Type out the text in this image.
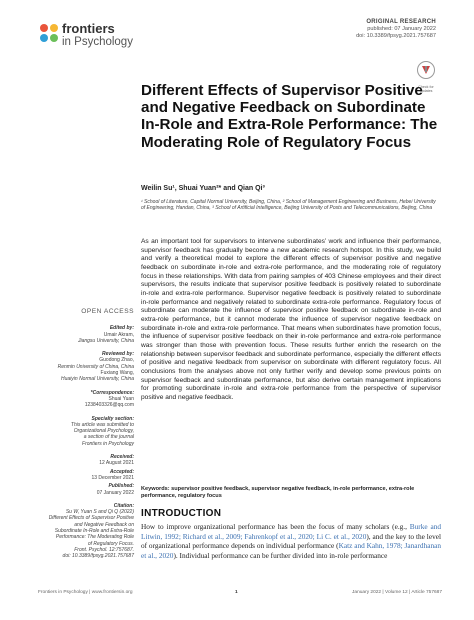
frontiers
in Psychology
ORIGINAL RESEARCH
published: 07 January 2022
doi: 10.3389/fpsyg.2021.757687
Check for updates
Different Effects of Supervisor Positive and Negative Feedback on Subordinate In-Role and Extra-Role Performance: The Moderating Role of Regulatory Focus
Weilin Su¹, Shuai Yuan²* and Qian Qi³
¹ School of Literature, Capital Normal University, Beijing, China, ² School of Management Engineering and Business, Hebei University of Engineering, Handan, China, ³ School of Artificial Intelligence, Beijing University of Posts and Telecommunications, Beijing, China
As an important tool for supervisors to intervene subordinates’ work and influence their performance, supervisor feedback has gradually become a new academic research hotspot. In this study, we build and verify a theoretical model to explore the different effects of supervisor positive and negative feedback on subordinate in-role and extra-role performance, and the moderating role of regulatory focus in these relationships. With data from pairing samples of 403 Chinese employees and their direct supervisors, the results indicate that supervisor positive feedback is positively related to subordinate in-role and extra-role performance. Supervisor negative feedback is positively related to subordinate in-role performance and negatively related to subordinate extra-role performance. Regulatory focus of subordinate can moderate the influence of supervisor positive feedback on subordinate in-role and extra-role performance, but it cannot moderate the influence of supervisor negative feedback on subordinate in-role and extra-role performance. That means when subordinates have promotion focus, the influence of supervisor positive feedback on their in-role performance and extra-role performance was stronger than those with prevention focus. These results further enrich the research on the relationship between supervisor feedback and subordinate performance, especially the different effects of positive and negative feedback from supervisor on subordinate with different regulatory focus. All conclusions from the analyses above not only further verify and develop some previous points on supervisor feedback and subordinate performance, but also derive certain management implications for promoting subordinate in-role and extra-role performance from the perspective of supervisor positive and negative feedback.
Keywords: supervisor positive feedback, supervisor negative feedback, in-role performance, extra-role performance, regulatory focus
INTRODUCTION
How to improve organizational performance has been the focus of many scholars (e.g., Burke and Litwin, 1992; Richard et al., 2009; Fahrenkopf et al., 2020; Li C. et al., 2020), and the key to the level of organizational performance depends on individual performance (Katz and Kahn, 1978; Janardhanan et al., 2020). Individual performance can be further divided into in-role performance
OPEN ACCESS
Edited by:
Umair Akram,
Jiangsu University, China
Reviewed by:
Guodong Zhao,
Renmin University of China, China
Fuxiang Wang,
Huaiyin Normal University, China
*Correspondence:
Shuai Yuan
1238403326@qq.com
Specialty section:
This article was submitted to
Organizational Psychology,
a section of the journal
Frontiers in Psychology
Received:
12 August 2021
Accepted:
13 December 2021
Published:
07 January 2022
Citation:
Su W, Yuan S and Qi Q (2022)
Different Effects of Supervisor Positive
and Negative Feedback on
Subordinate In-Role and Extra-Role
Performance: The Moderating Role
of Regulatory Focus.
Front. Psychol. 12:757687.
doi: 10.3389/fpsyg.2021.757687
Frontiers in Psychology | www.frontiersin.org	1	January 2022 | Volume 12 | Article 757687
